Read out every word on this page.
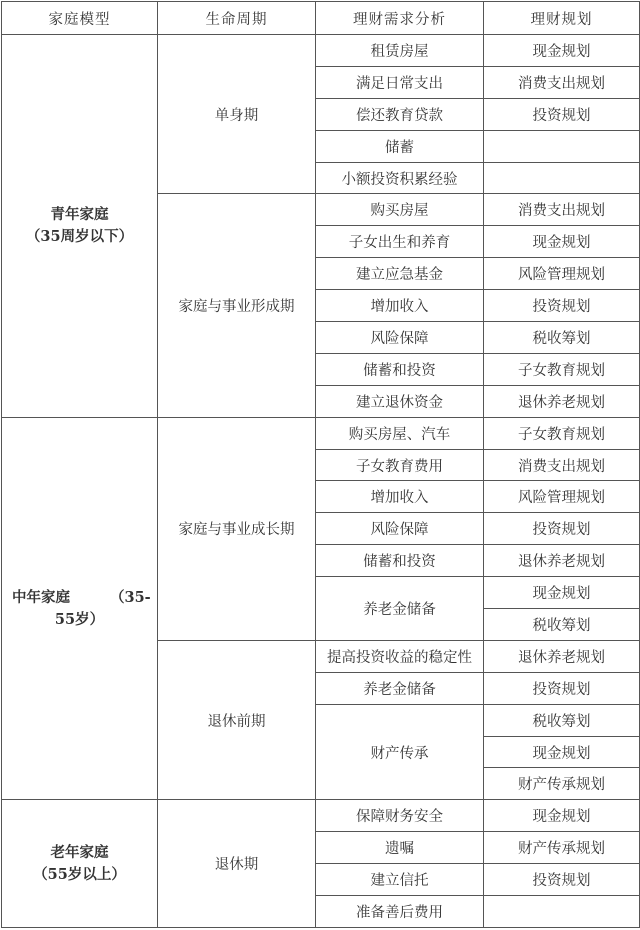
家庭模型	生命周期	理财需求分析	理财规划

青年家庭
（35周岁以下）	单身期	租赁房屋	现金规划
		满足日常支出	消费支出规划
		偿还教育贷款	投资规划
		储蓄	
		小额投资积累经验	
	家庭与事业形成期	购买房屋	消费支出规划
		子女出生和养育	现金规划
		建立应急基金	风险管理规划
		增加收入	投资规划
		风险保障	税收筹划
		储蓄和投资	子女教育规划
		建立退休资金	退休养老规划

中年家庭 （35-
55岁）	家庭与事业成长期	购买房屋、汽车	子女教育规划
		子女教育费用	消费支出规划
		增加收入	风险管理规划
		风险保障	投资规划
		储蓄和投资	退休养老规划
		养老金储备	现金规划
			税收筹划
	退休前期	提高投资收益的稳定性	退休养老规划
		养老金储备	投资规划
		财产传承	税收筹划
			现金规划
			财产传承规划

老年家庭
（55岁以上）	退休期	保障财务安全	现金规划
		遗嘱	财产传承规划
		建立信托	投资规划
		准备善后费用	
